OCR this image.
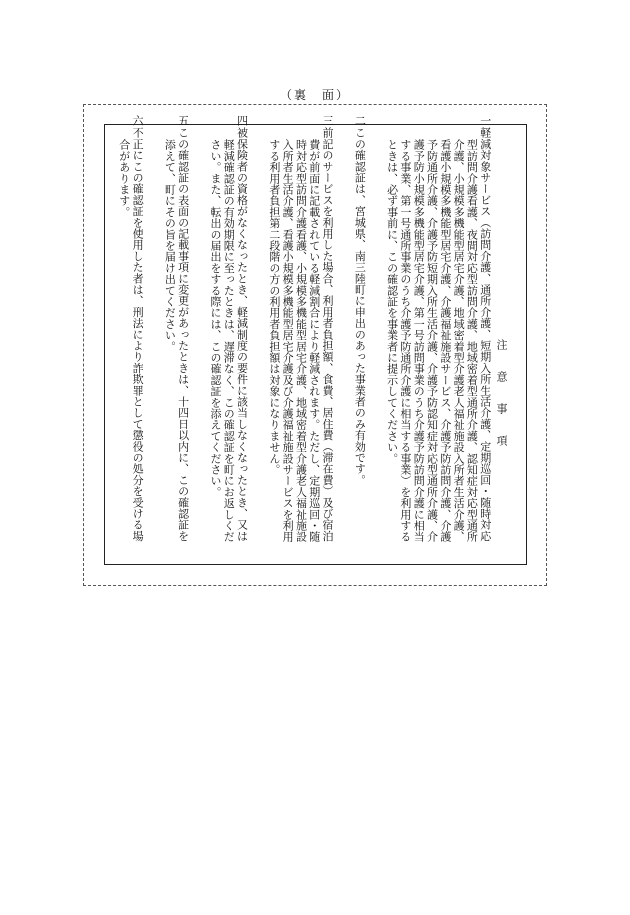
（裏　面）
注　意　事　項
一軽減対象サービス（訪問介護、通所介護、短期入所生活介護、定期巡回・随時対応型訪問介護看護、夜間対応型訪問介護、地域密着型通所介護、認知症対応型通所介護、小規模多機能型居宅介護、地域密着型介護老人福祉施設入所者生活介護、看護小規模多機能型居宅介護、介護福祉施設サービス、介護予防訪問介護、介護予防通所介護、介護予防短期入所生活介護、介護予防認知症対応型通所介護、介護予防小規模多機能型居宅介護、第一号訪問事業のうち介護予防訪問介護に相当する事業、第一号通所事業のうち介護予防通所介護に相当する事業）を利用するときは、必ず事前に、この確認証を事業者に提示してください。
二この確認証は、宮城県、南三陸町に申出のあった事業者のみ有効です。
三前記のサービスを利用した場合、利用者負担額、食費、居住費（滞在費）及び宿泊費が前面に記載されている軽減割合により軽減されます。ただし、定期巡回・随時対応型訪問介護看護、小規模多機能型居宅介護、地域密着型介護老人福祉施設入所者生活介護、看護小規模多機能型居宅介護及び介護福祉施設サービスを利用する利用者負担第二段階の方の利用者負担額は対象になりません。
四被保険者の資格がなくなったとき、軽減制度の要件に該当しなくなったとき、又は軽減確認証の有効期限に至ったときは、遅滞なく、この確認証を町にお返しください。また、転出の届出をする際には、この確認証を添えてください。
五この確認証の表面の記載事項に変更があったときは、十四日以内に、この確認証を添えて、町にその旨を届け出てください。
六不正にこの確認証を使用した者は、刑法により詐欺罪として懲役の処分を受ける場合があります。
